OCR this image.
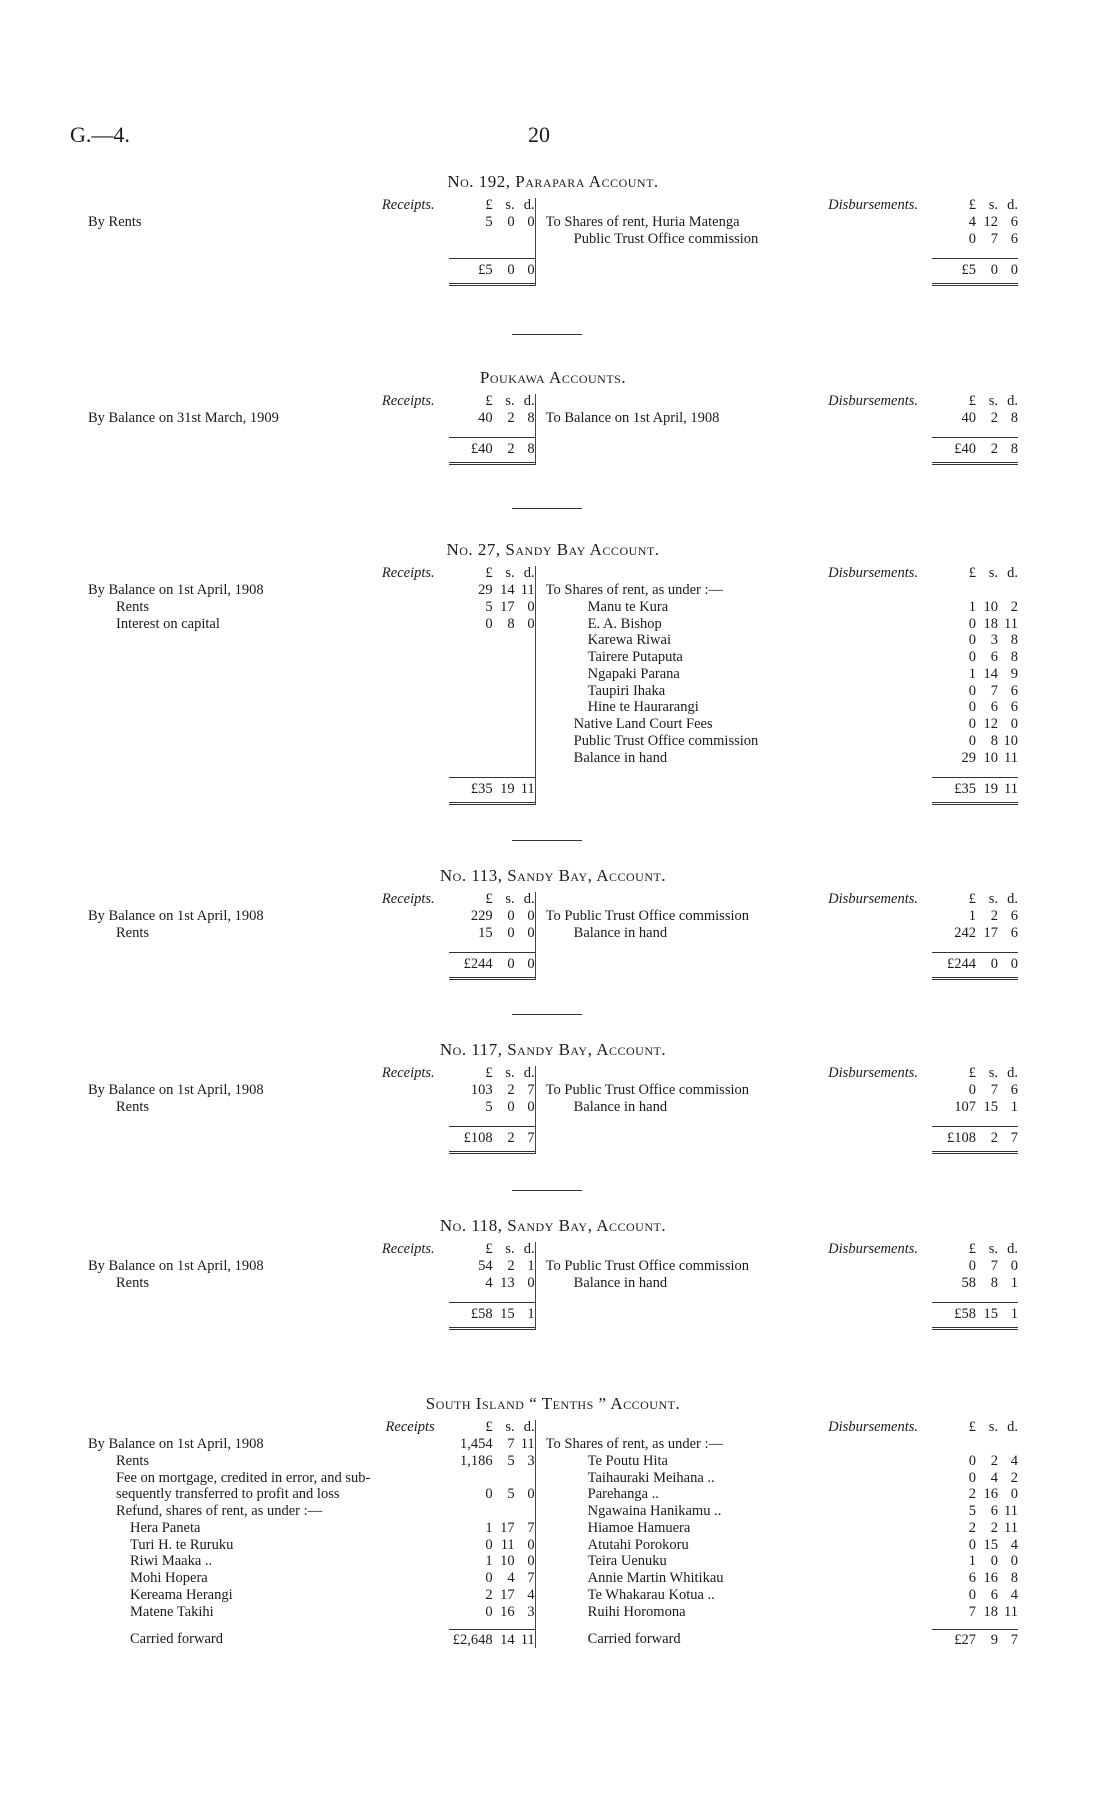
G.—4.	20
No. 192, Parapara Account.
Receipts.	£ s. d.
By Rents	5	0 0
Disbursements.	£ s. d.
To Shares of rent, Huria Matenga	4 12 6
Public Trust Office commission	0	7 6
£5	0 0	£5	0 0
Poukawa Accounts.
Receipts.	£ s. d.
By Balance on 31st March, 1909	40	2 8
Disbursements.	£ s. d.
To Balance on 1st April, 1908	40	2 8
£40	2 8	£40	2 8
No. 27, Sandy Bay Account.
Receipts.	£ s. d.
By Balance on 1st April, 1908	29 14 11
Rents	5 17 0
Interest on capital	0	8 0
Disbursements.	£ s. d.
To Shares of rent, as under :—
Manu te Kura	1 10 2
E. A. Bishop	0 18 11
Karewa Riwai	0	3 8
Tairere Putaputa	0	6 8
Ngapaki Parana	1 14 9
Taupiri Ihaka	0	7 6
Hine te Haurarangi	0	6 6
Native Land Court Fees	0 12 0
Public Trust Office commission	0	8 10
Balance in hand	29 10 11
£35 19 11	£35 19 11
No. 113, Sandy Bay, Account.
Receipts.	£ s. d.
By Balance on 1st April, 1908	229	0 0
Rents	15	0 0
Disbursements.	£ s. d.
To Public Trust Office commission	1	2 6
Balance in hand	242 17 6
£244	0 0	£244	0 0
No. 117, Sandy Bay, Account.
Receipts.	£ s. d.
By Balance on 1st April, 1908	103	2 7
Rents	5	0 0
Disbursements.	£ s. d.
To Public Trust Office commission	0	7 6
Balance in hand	107 15 1
£108	2 7	£108	2 7
No. 118, Sandy Bay, Account.
Receipts.	£ s. d.
By Balance on 1st April, 1908	54	2 1
Rents	4 13 0
Disbursements.	£ s. d.
To Public Trust Office commission	0	7 0
Balance in hand	58	8 1
£58 15 1	£58 15 1
South Island “ Tenths ” Account.
Receipts	£ s. d.
By Balance on 1st April, 1908	1,454	7 11
Rents	1,186	5 3
Fee on mortgage, credited in error, and sub-
sequently transferred to profit and loss	0	5 0
Refund, shares of rent, as under :—
Hera Paneta	1 17 7
Turi H. te Ruruku	0 11 0
Riwi Maaka ..	1 10 0
Mohi Hopera	0	4 7
Kereama Herangi	2 17 4
Matene Takihi	0 16 3
Disbursements.	£ s. d.
To Shares of rent, as under :—
Te Poutu Hita	0	2 4
Taihauraki Meihana ..	0	4 2
Parehanga ..	2 16 0
Ngawaina Hanikamu ..	5	6 11
Hiamoe Hamuera	2	2 11
Atutahi Porokoru	0 15 4
Teira Uenuku	1	0 0
Annie Martin Whitikau	6 16 8
Te Whakarau Kotua ..	0	6 4
Ruihi Horomona	7 18 11
Carried forward	£2,648 14 11	Carried forward	£27	9 7
